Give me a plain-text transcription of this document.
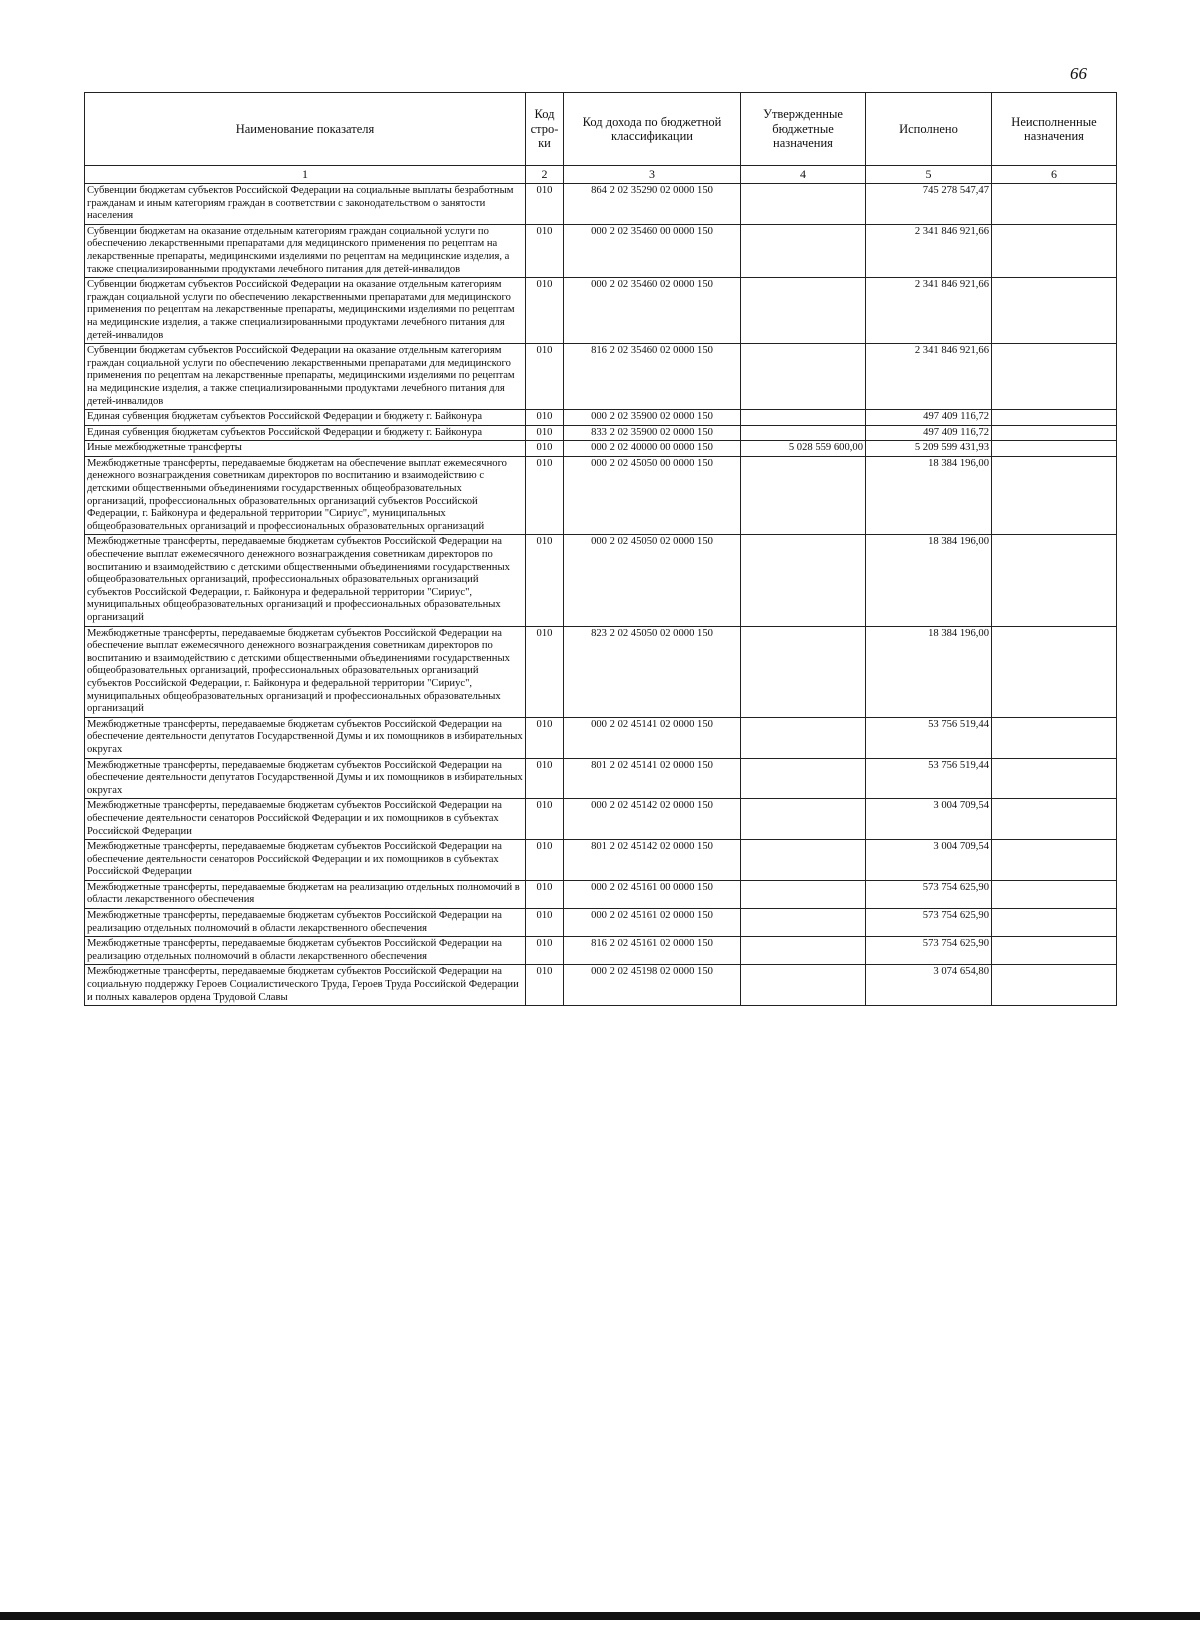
66
Наименование показателя	Код стро-ки	Код дохода по бюджетной классификации	Утвержденные бюджетные назначения	Исполнено	Неисполненные назначения
1	2	3	4	5	6
Субвенции бюджетам субъектов Российской Федерации на социальные выплаты безработным гражданам и иным категориям граждан в соответствии с законодательством о занятости населения	010	864 2 02 35290 02 0000 150		745 278 547,47	
Субвенции бюджетам на оказание отдельным категориям граждан социальной услуги по обеспечению лекарственными препаратами для медицинского применения по рецептам на лекарственные препараты, медицинскими изделиями по рецептам на медицинские изделия, а также специализированными продуктами лечебного питания для детей-инвалидов	010	000 2 02 35460 00 0000 150		2 341 846 921,66	
Субвенции бюджетам субъектов Российской Федерации на оказание отдельным категориям граждан социальной услуги по обеспечению лекарственными препаратами для медицинского применения по рецептам на лекарственные препараты, медицинскими изделиями по рецептам на медицинские изделия, а также специализированными продуктами лечебного питания для детей-инвалидов	010	000 2 02 35460 02 0000 150		2 341 846 921,66	
Субвенции бюджетам субъектов Российской Федерации на оказание отдельным категориям граждан социальной услуги по обеспечению лекарственными препаратами для медицинского применения по рецептам на лекарственные препараты, медицинскими изделиями по рецептам на медицинские изделия, а также специализированными продуктами лечебного питания для детей-инвалидов	010	816 2 02 35460 02 0000 150		2 341 846 921,66	
Единая субвенция бюджетам субъектов Российской Федерации и бюджету г. Байконура	010	000 2 02 35900 02 0000 150		497 409 116,72	
Единая субвенция бюджетам субъектов Российской Федерации и бюджету г. Байконура	010	833 2 02 35900 02 0000 150		497 409 116,72	
Иные межбюджетные трансферты	010	000 2 02 40000 00 0000 150	5 028 559 600,00	5 209 599 431,93	
Межбюджетные трансферты, передаваемые бюджетам на обеспечение выплат ежемесячного денежного вознаграждения советникам директоров по воспитанию и взаимодействию с детскими общественными объединениями государственных общеобразовательных организаций, профессиональных образовательных организаций субъектов Российской Федерации, г. Байконура и федеральной территории "Сириус", муниципальных общеобразовательных организаций и профессиональных образовательных организаций	010	000 2 02 45050 00 0000 150		18 384 196,00	
Межбюджетные трансферты, передаваемые бюджетам субъектов Российской Федерации на обеспечение выплат ежемесячного денежного вознаграждения советникам директоров по воспитанию и взаимодействию с детскими общественными объединениями государственных общеобразовательных организаций, профессиональных образовательных организаций субъектов Российской Федерации, г. Байконура и федеральной территории "Сириус", муниципальных общеобразовательных организаций и профессиональных образовательных организаций	010	000 2 02 45050 02 0000 150		18 384 196,00	
Межбюджетные трансферты, передаваемые бюджетам субъектов Российской Федерации на обеспечение выплат ежемесячного денежного вознаграждения советникам директоров по воспитанию и взаимодействию с детскими общественными объединениями государственных общеобразовательных организаций, профессиональных образовательных организаций субъектов Российской Федерации, г. Байконура и федеральной территории "Сириус", муниципальных общеобразовательных организаций и профессиональных образовательных организаций	010	823 2 02 45050 02 0000 150		18 384 196,00	
Межбюджетные трансферты, передаваемые бюджетам субъектов Российской Федерации на обеспечение деятельности депутатов Государственной Думы и их помощников в избирательных округах	010	000 2 02 45141 02 0000 150		53 756 519,44	
Межбюджетные трансферты, передаваемые бюджетам субъектов Российской Федерации на обеспечение деятельности депутатов Государственной Думы и их помощников в избирательных округах	010	801 2 02 45141 02 0000 150		53 756 519,44	
Межбюджетные трансферты, передаваемые бюджетам субъектов Российской Федерации на обеспечение деятельности сенаторов Российской Федерации и их помощников в субъектах Российской Федерации	010	000 2 02 45142 02 0000 150		3 004 709,54	
Межбюджетные трансферты, передаваемые бюджетам субъектов Российской Федерации на обеспечение деятельности сенаторов Российской Федерации и их помощников в субъектах Российской Федерации	010	801 2 02 45142 02 0000 150		3 004 709,54	
Межбюджетные трансферты, передаваемые бюджетам на реализацию отдельных полномочий в области лекарственного обеспечения	010	000 2 02 45161 00 0000 150		573 754 625,90	
Межбюджетные трансферты, передаваемые бюджетам субъектов Российской Федерации на реализацию отдельных полномочий в области лекарственного обеспечения	010	000 2 02 45161 02 0000 150		573 754 625,90	
Межбюджетные трансферты, передаваемые бюджетам субъектов Российской Федерации на реализацию отдельных полномочий в области лекарственного обеспечения	010	816 2 02 45161 02 0000 150		573 754 625,90	
Межбюджетные трансферты, передаваемые бюджетам субъектов Российской Федерации на социальную поддержку Героев Социалистического Труда, Героев Труда Российской Федерации и полных кавалеров ордена Трудовой Славы	010	000 2 02 45198 02 0000 150		3 074 654,80	
